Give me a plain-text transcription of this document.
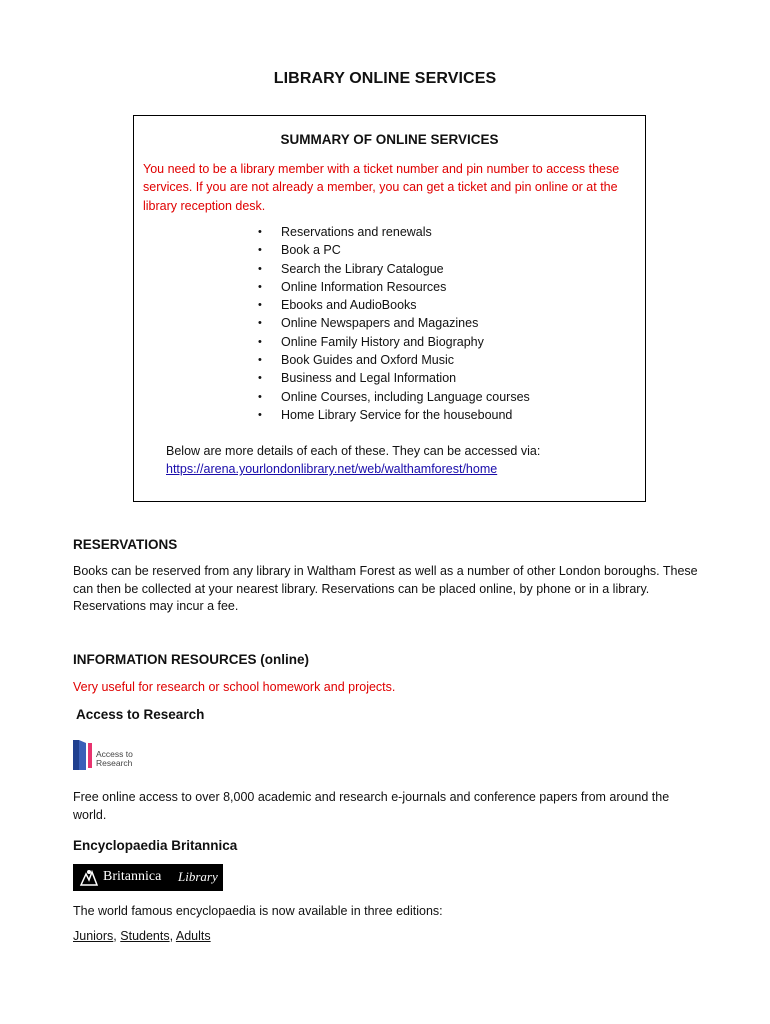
LIBRARY ONLINE SERVICES
SUMMARY OF ONLINE SERVICES
You need to be a library member with a ticket number and pin number to access these services. If you are not already a member, you can get a ticket and pin online or at the library reception desk.
• Reservations and renewals
• Book a PC
• Search the Library Catalogue
• Online Information Resources
• Ebooks and AudioBooks
• Online Newspapers and Magazines
• Online Family History and Biography
• Book Guides and Oxford Music
• Business and Legal Information
• Online Courses, including Language courses
• Home Library Service for the housebound
Below are more details of each of these. They can be accessed via:
https://arena.yourlondonlibrary.net/web/walthamforest/home
RESERVATIONS
Books can be reserved from any library in Waltham Forest as well as a number of other London boroughs. These can then be collected at your nearest library. Reservations can be placed online, by phone or in a library. Reservations may incur a fee.
INFORMATION RESOURCES (online)
Very useful for research or school homework and projects.
Access to Research
Access to
Research
Free online access to over 8,000 academic and research e-journals and conference papers from around the world.
Encyclopaedia Britannica
Britannica Library
The world famous encyclopaedia is now available in three editions:
Juniors, Students, Adults
